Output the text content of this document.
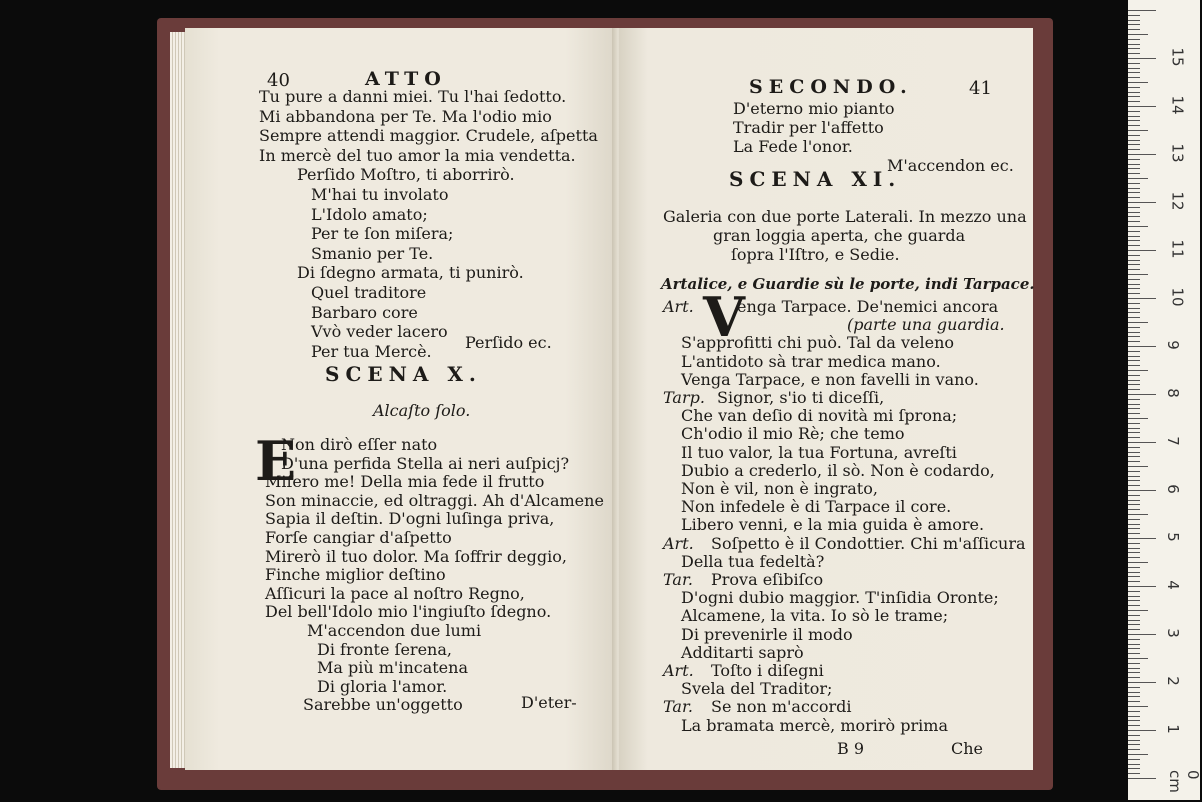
40	ATTO
Tu pure a danni miei. Tu l'hai ſedotto.
Mi abbandona per Te. Ma l'odio mio
Sempre attendi maggior. Crudele, aſpetta
In mercè del tuo amor la mia vendetta.
Perſido Moſtro, ti aborrirò.
M'hai tu involato
L'Idolo amato;
Per te ſon miſera;
Smanio per Te.
Di ſdegno armata, ti punirò.
Quel traditore
Barbaro core
Vvò veder lacero
Per tua Mercè. Perſido ec.
SCENA X.
Alcaſto ſolo.
E
Non dirò eſſer nato
D'una perfida Stella ai neri auſpicj?
Miſero me! Della mia fede il frutto
Son minaccie, ed oltraggi. Ah d'Alcamene
Sapia il deſtin. D'ogni luſinga priva,
Forſe cangiar d'aſpetto
Mirerò il tuo dolor. Ma ſoffrir deggio,
Finche miglior deſtino
Aſſicuri la pace al noſtro Regno,
Del bell'Idolo mio l'ingiuſto ſdegno.
M'accendon due lumi
Di fronte ſerena,
Ma più m'incatena
Di gloria l'amor.
Sarebbe un'oggetto	D'eter-
SECONDO.	41
D'eterno mio pianto
Tradir per l'affetto
La Fede l'onor.
M'accendon ec.
SCENA XI.
Galeria con due porte Laterali. In mezzo una
gran loggia aperta, che guarda
ſopra l'Iſtro, e Sedie.
Artalice, e Guardie sù le porte, indi Tarpace.
V
Art.	enga Tarpace. De'nemici ancora
(parte una guardia.
S'approfitti chi può. Tal da veleno
L'antidoto sà trar medica mano.
Venga Tarpace, e non favelli in vano.
Tarp. Signor, s'io ti diceſſi,
Che van deſio di novità mi ſprona;
Ch'odio il mio Rè; che temo
Il tuo valor, la tua Fortuna, avreſti
Dubio a crederlo, il sò. Non è codardo,
Non è vil, non è ingrato,
Non infedele è di Tarpace il core.
Libero venni, e la mia guida è amore.
Art. Soſpetto è il Condottier. Chi m'aſſicura
Della tua fedeltà?
Tar. Prova eſibiſco
D'ogni dubio maggior. T'inſidia Oronte;
Alcamene, la vita. Io sò le trame;
Di prevenirle il modo
Additarti saprò
Art. Toſto i diſegni
Svela del Traditor;
Tar. Se non m'accordi
La bramata mercè, morirò prima
B 9	Che
15
14
13
12
11
10
9
8
7
6
5
4
3
2
1
0 cm
